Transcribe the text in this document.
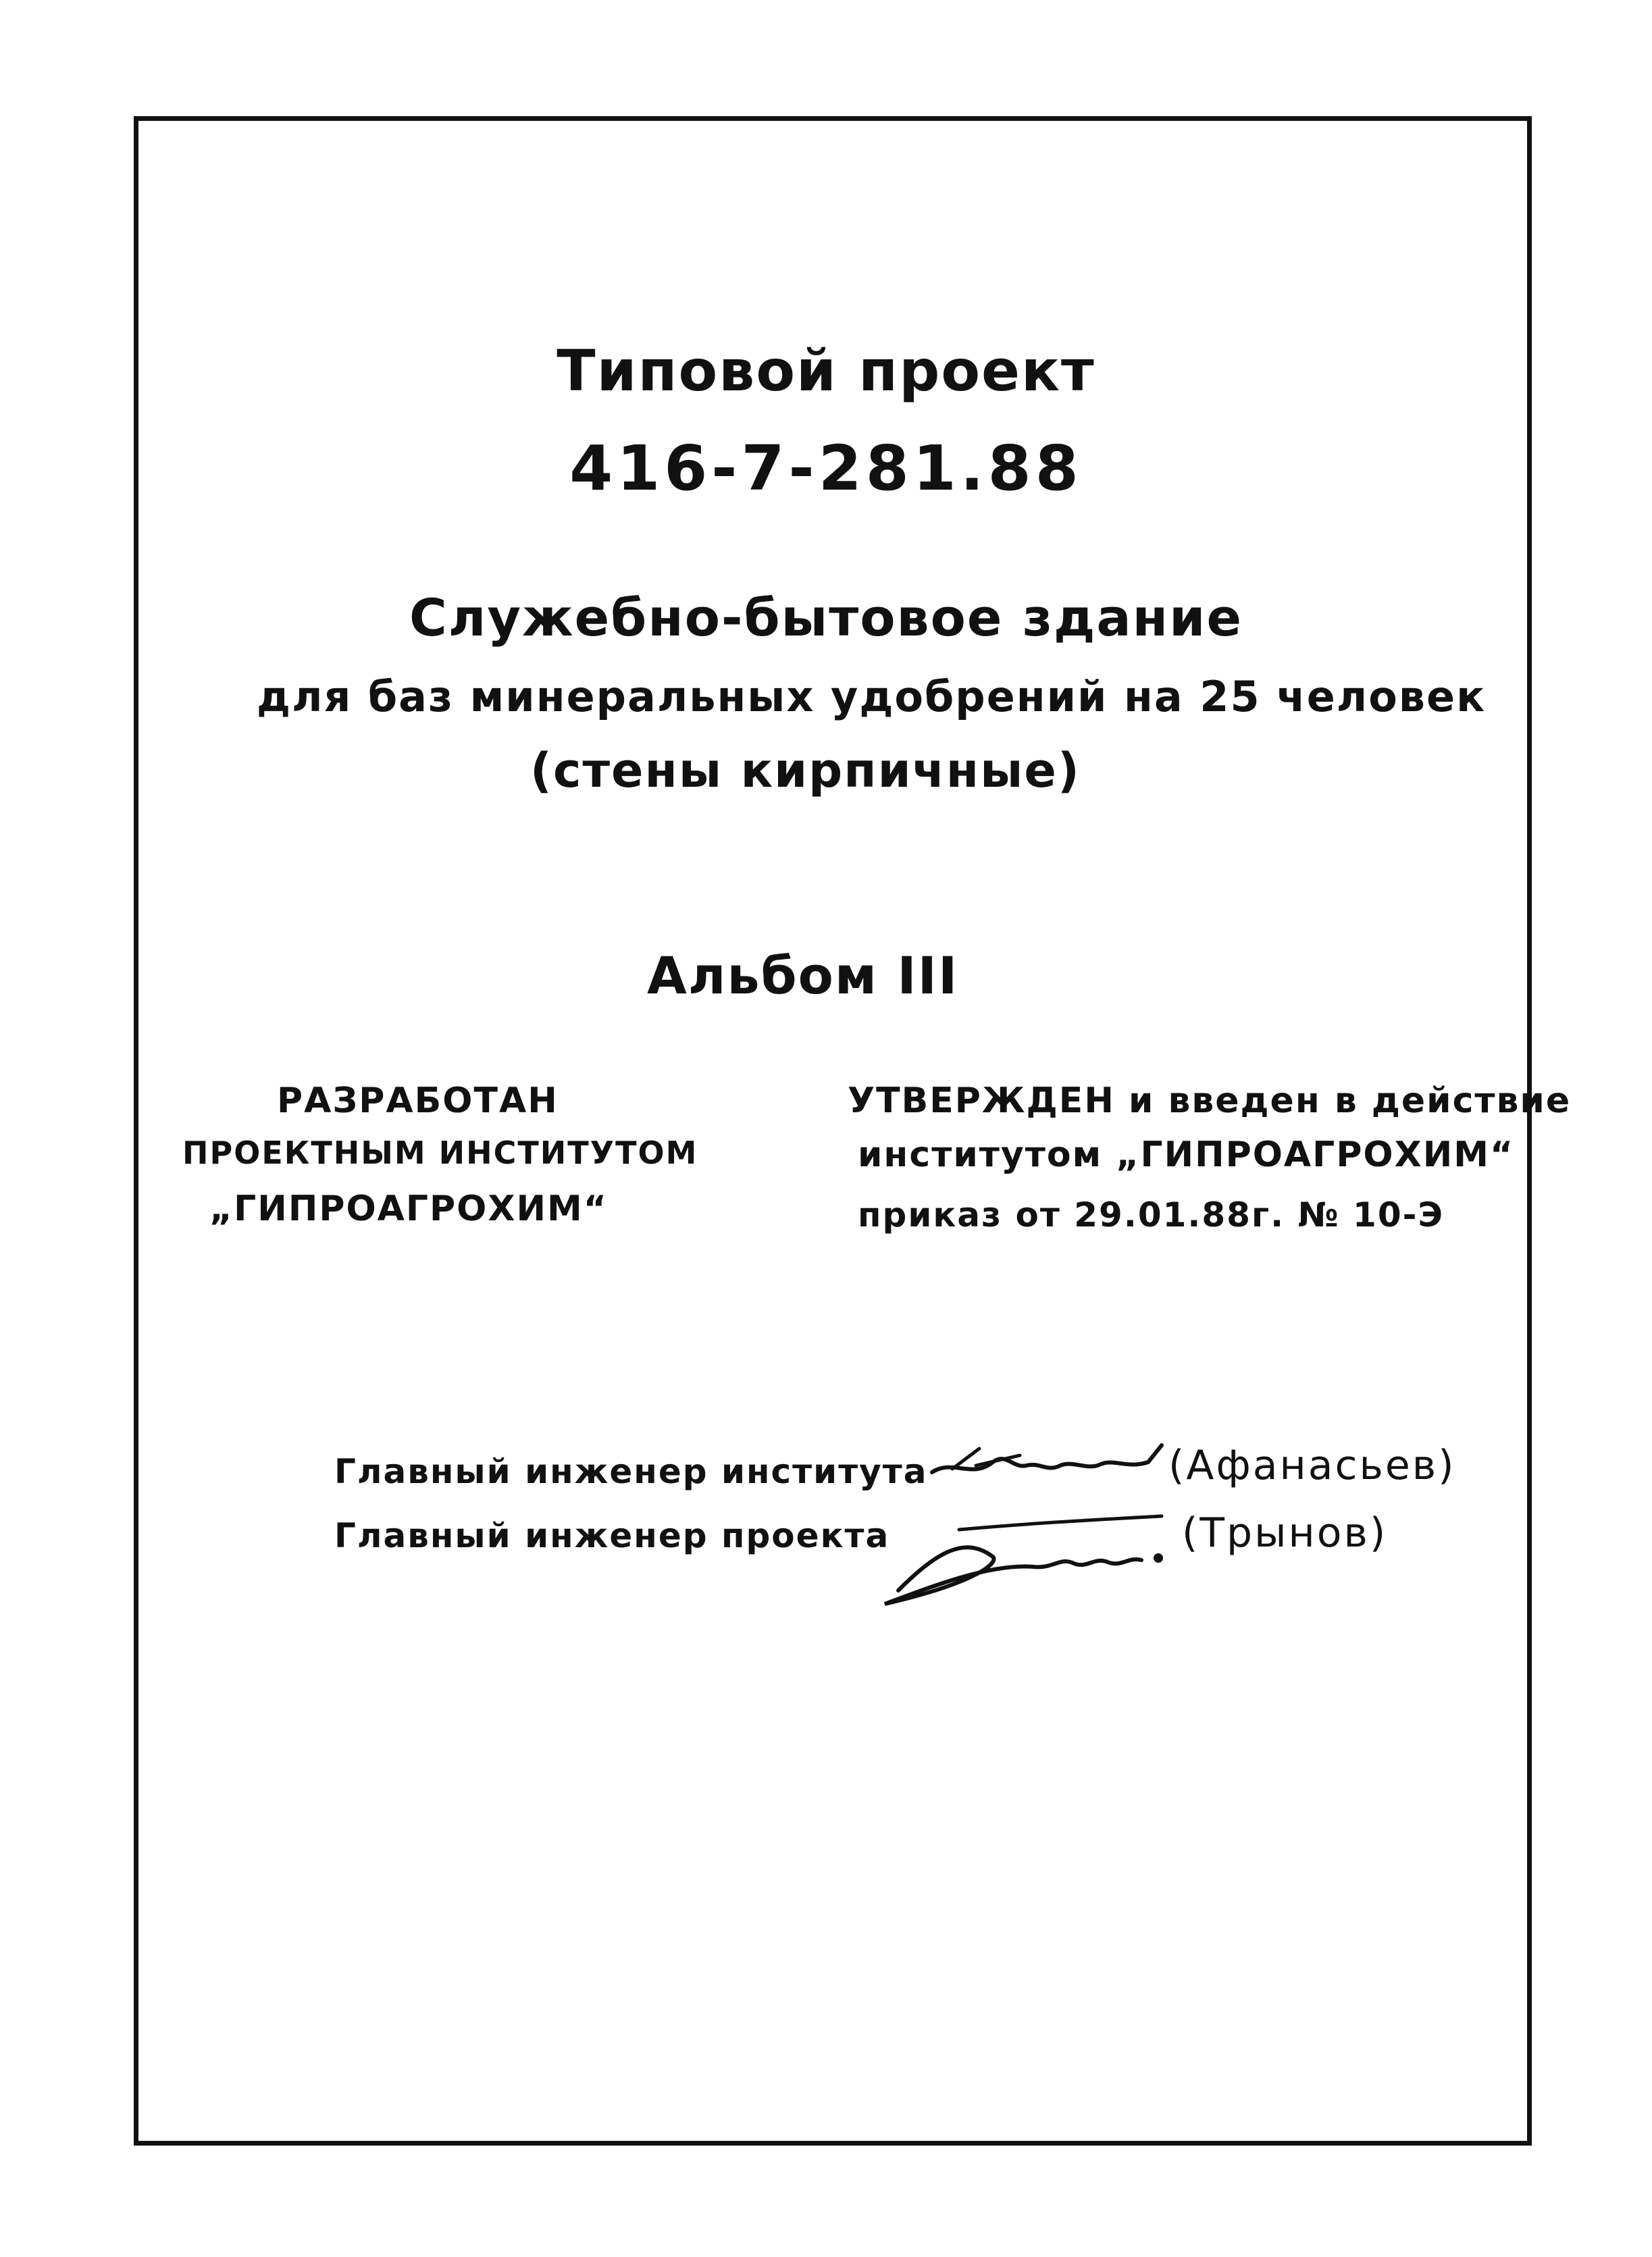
Типовой проект
416-7-281.88
Служебно-бытовое здание
для баз минеральных удобрений на 25 человек
(стены кирпичные)
Альбом III
РАЗРАБОТАН
ПРОЕКТНЫМ ИНСТИТУТОМ
„ГИПРОАГРОХИМ“
УТВЕРЖДЕН и введен в действие
институтом „ГИПРОАГРОХИМ“
приказ от 29.01.88г. № 10-Э
Главный инженер института	(Афанасьев)
Главный инженер проекта	(Трынов)
